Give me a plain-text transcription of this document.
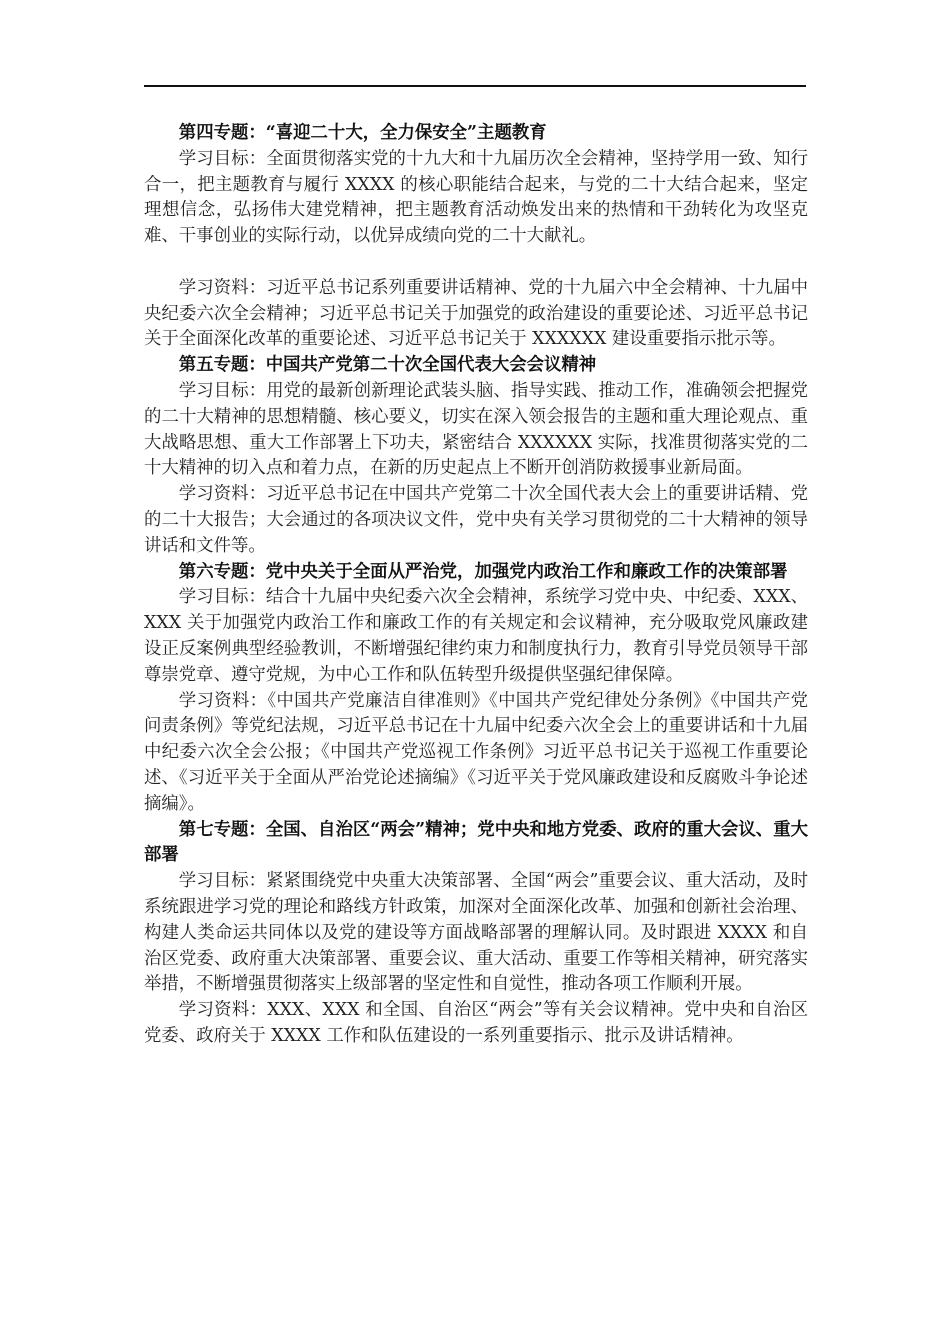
第四专题：“喜迎二十大，全力保安全”主题教育

学习目标：全面贯彻落实党的十九大和十九届历次全会精神，坚持学用一致、知行合一，把主题教育与履行 XXXX 的核心职能结合起来，与党的二十大结合起来，坚定理想信念，弘扬伟大建党精神，把主题教育活动焕发出来的热情和干劲转化为攻坚克难、干事创业的实际行动，以优异成绩向党的二十大献礼。

学习资料：习近平总书记系列重要讲话精神、党的十九届六中全会精神、十九届中央纪委六次全会精神；习近平总书记关于加强党的政治建设的重要论述、习近平总书记关于全面深化改革的重要论述、习近平总书记关于 XXXXXX 建设重要指示批示等。

第五专题：中国共产党第二十次全国代表大会会议精神

学习目标：用党的最新创新理论武装头脑、指导实践、推动工作，准确领会把握党的二十大精神的思想精髓、核心要义，切实在深入领会报告的主题和重大理论观点、重大战略思想、重大工作部署上下功夫，紧密结合 XXXXXX 实际，找准贯彻落实党的二十大精神的切入点和着力点，在新的历史起点上不断开创消防救援事业新局面。

学习资料：习近平总书记在中国共产党第二十次全国代表大会上的重要讲话精、党的二十大报告；大会通过的各项决议文件，党中央有关学习贯彻党的二十大精神的领导讲话和文件等。

第六专题：党中央关于全面从严治党，加强党内政治工作和廉政工作的决策部署

学习目标：结合十九届中央纪委六次全会精神，系统学习党中央、中纪委、XXX、XXX 关于加强党内政治工作和廉政工作的有关规定和会议精神，充分吸取党风廉政建设正反案例典型经验教训，不断增强纪律约束力和制度执行力，教育引导党员领导干部尊崇党章、遵守党规，为中心工作和队伍转型升级提供坚强纪律保障。

学习资料：《中国共产党廉洁自律准则》《中国共产党纪律处分条例》《中国共产党问责条例》等党纪法规，习近平总书记在十九届中纪委六次全会上的重要讲话和十九届中纪委六次全会公报；《中国共产党巡视工作条例》习近平总书记关于巡视工作重要论述、《习近平关于全面从严治党论述摘编》《习近平关于党风廉政建设和反腐败斗争论述摘编》。

第七专题：全国、自治区“两会”精神；党中央和地方党委、政府的重大会议、重大部署

学习目标：紧紧围绕党中央重大决策部署、全国“两会”重要会议、重大活动，及时系统跟进学习党的理论和路线方针政策，加深对全面深化改革、加强和创新社会治理、构建人类命运共同体以及党的建设等方面战略部署的理解认同。及时跟进 XXXX 和自治区党委、政府重大决策部署、重要会议、重大活动、重要工作等相关精神，研究落实举措，不断增强贯彻落实上级部署的坚定性和自觉性，推动各项工作顺利开展。

学习资料：XXX、XXX 和全国、自治区“两会”等有关会议精神。党中央和自治区党委、政府关于 XXXX 工作和队伍建设的一系列重要指示、批示及讲话精神。
